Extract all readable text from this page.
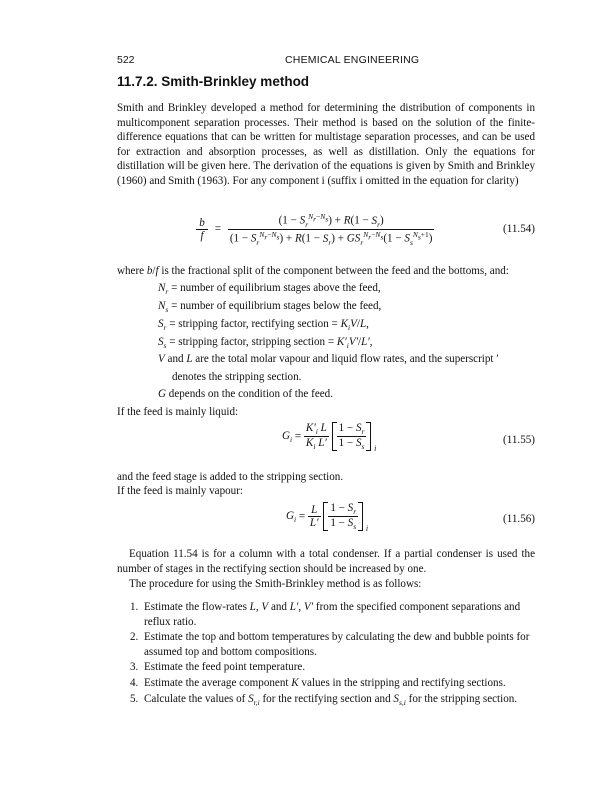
522	CHEMICAL ENGINEERING
11.7.2. Smith-Brinkley method
Smith and Brinkley developed a method for determining the distribution of components in multicomponent separation processes. Their method is based on the solution of the finite-difference equations that can be written for multistage separation processes, and can be used for extraction and absorption processes, as well as distillation. Only the equations for distillation will be given here. The derivation of the equations is given by Smith and Brinkley (1960) and Smith (1963). For any component i (suffix i omitted in the equation for clarity)
$\frac{b}{f} = \frac{(1 - S_r^{N_r-N_s}) + R(1 - S_r)}{(1 - S_r^{N_r-N_s}) + R(1 - S_r) + GS_r^{N_r-N_s}(1 - S_s^{N_s+1})}$	(11.54)
where b/f is the fractional split of the component between the feed and the bottoms, and:
$N_r$ = number of equilibrium stages above the feed,
$N_s$ = number of equilibrium stages below the feed,
$S_r$ = stripping factor, rectifying section = $K_iV/L$,
$S_s$ = stripping factor, stripping section = $K'_iV'/L'$,
V and L are the total molar vapour and liquid flow rates, and the superscript ′
denotes the stripping section.
G depends on the condition of the feed.
If the feed is mainly liquid:
$G_i = \frac{K'_i L}{K_i L'}$
$\frac{1 - S_r}{1 - S_s}$ i
(11.55)
and the feed stage is added to the stripping section.
If the feed is mainly vapour:
$G_i = \frac{L}{L'}$
$\frac{1 - S_r}{1 - S_s}$ i
(11.56)
Equation 11.54 is for a column with a total condenser. If a partial condenser is used the number of stages in the rectifying section should be increased by one.
The procedure for using the Smith-Brinkley method is as follows:
1. Estimate the flow-rates L, V and L′, V′ from the specified component separations and reflux ratio.
2. Estimate the top and bottom temperatures by calculating the dew and bubble points for assumed top and bottom compositions.
3. Estimate the feed point temperature.
4. Estimate the average component K values in the stripping and rectifying sections.
5. Calculate the values of $S_{r,i}$ for the rectifying section and $S_{s,i}$ for the stripping section.
